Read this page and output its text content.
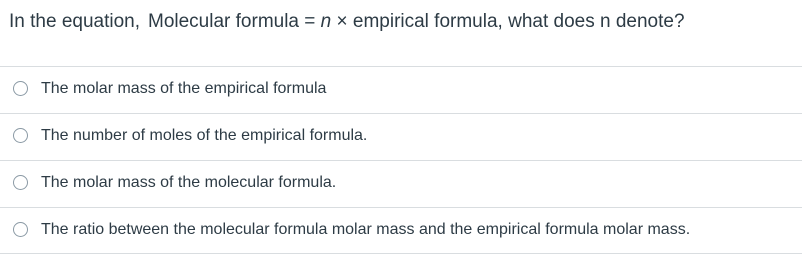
In the equation, Molecular formula = n × empirical formula, what does n denote?
The molar mass of the empirical formula
The number of moles of the empirical formula.
The molar mass of the molecular formula.
The ratio between the molecular formula molar mass and the empirical formula molar mass.
